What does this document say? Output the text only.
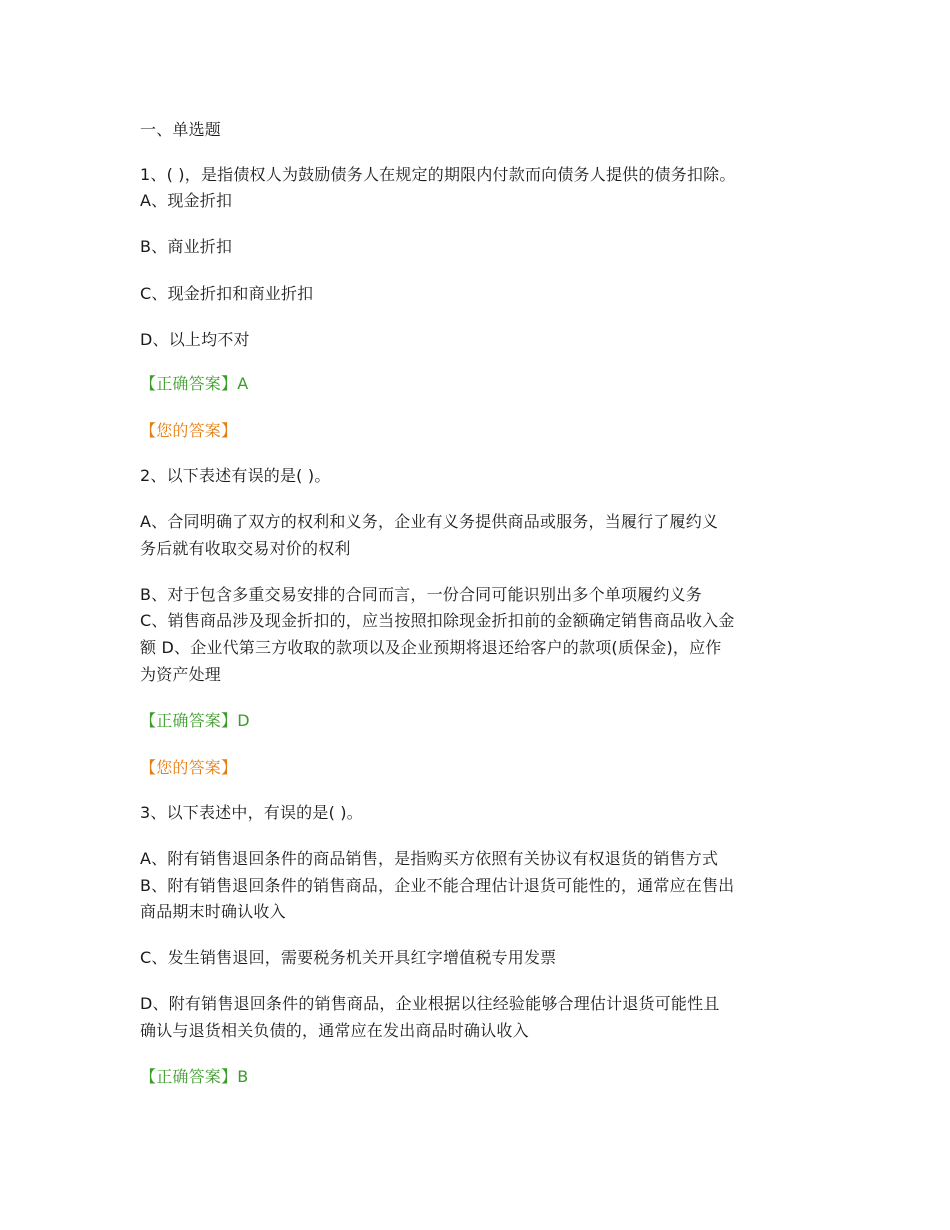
一、单选题
1、( )，是指债权人为鼓励债务人在规定的期限内付款而向债务人提供的债务扣除。
A、现金折扣
B、商业折扣
C、现金折扣和商业折扣
D、以上均不对
【正确答案】A
【您的答案】
2、以下表述有误的是( )。
A、合同明确了双方的权利和义务，企业有义务提供商品或服务，当履行了履约义
务后就有收取交易对价的权利
B、对于包含多重交易安排的合同而言，一份合同可能识别出多个单项履约义务
C、销售商品涉及现金折扣的，应当按照扣除现金折扣前的金额确定销售商品收入金
额 D、企业代第三方收取的款项以及企业预期将退还给客户的款项(质保金)，应作
为资产处理
【正确答案】D
【您的答案】
3、以下表述中，有误的是( )。
A、附有销售退回条件的商品销售，是指购买方依照有关协议有权退货的销售方式
B、附有销售退回条件的销售商品，企业不能合理估计退货可能性的，通常应在售出
商品期末时确认收入
C、发生销售退回，需要税务机关开具红字增值税专用发票
D、附有销售退回条件的销售商品，企业根据以往经验能够合理估计退货可能性且
确认与退货相关负债的，通常应在发出商品时确认收入
【正确答案】B
